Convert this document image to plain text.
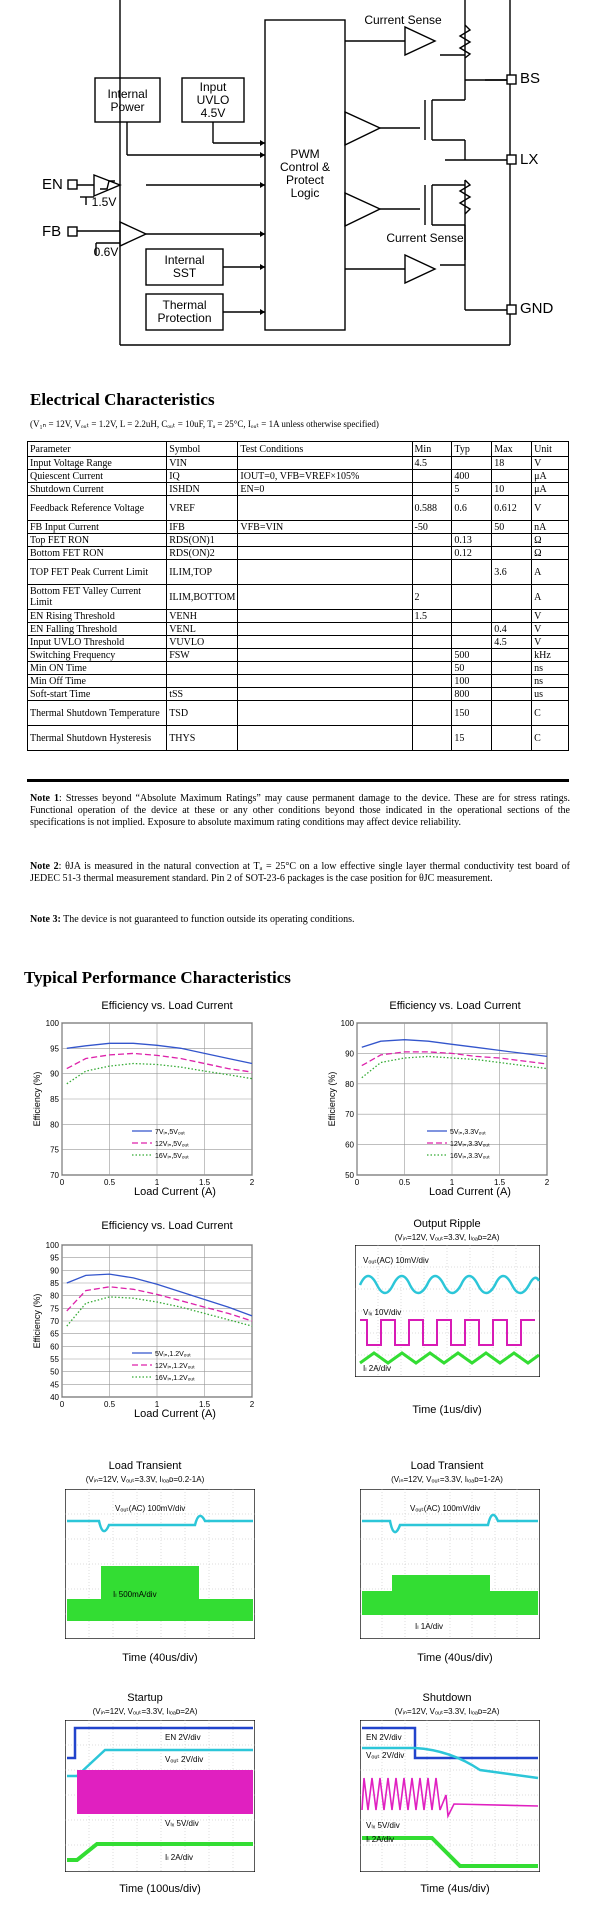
Internal
Power
Input
UVLO
4.5V
PWM
Control &
Protect
Logic
Internal
SST
Thermal
Protection
Current Sense
Current Sense
EN
FB
BS
LX
GND
1.5V
0.6V
Electrical Characteristics
(V₁ₙ = 12V, Vₒᵤₜ = 1.2V, L = 2.2uH, Cₒᵤₜ = 10uF, Tₐ = 25°C, Iₒᵤₜ = 1A unless otherwise specified)
Parameter	Symbol	Test Conditions	Min	Typ	Max	Unit
Input Voltage Range	VIN		4.5		18	V
Quiescent Current	IQ	IOUT=0, VFB=VREF×105%		400		μA
Shutdown Current	ISHDN	EN=0		5	10	μA
Feedback Reference Voltage	VREF		0.588	0.6	0.612	V
FB Input Current	IFB	VFB=VIN	-50		50	nA
Top FET RON	RDS(ON)1			0.13		Ω
Bottom FET RON	RDS(ON)2			0.12		Ω
TOP FET Peak Current Limit	ILIM,TOP				3.6	A
Bottom FET Valley Current Limit	ILIM,BOTTOM		2			A
EN Rising Threshold	VENH		1.5			V
EN Falling Threshold	VENL				0.4	V
Input UVLO Threshold	VUVLO				4.5	V
Switching Frequency	FSW			500		kHz
Min ON Time				50		ns
Min Off Time				100		ns
Soft-start Time	tSS			800		us
Thermal Shutdown Temperature	TSD			150		C
Thermal Shutdown Hysteresis	THYS			15		C
Note 1: Stresses beyond “Absolute Maximum Ratings” may cause permanent damage to the device. These are for stress ratings. Functional operation of the device at these or any other conditions beyond those indicated in the operational sections of the specifications is not implied. Exposure to absolute maximum rating conditions may affect device reliability.
Note 2: θJA is measured in the natural convection at Tₐ = 25°C on a low effective single layer thermal conductivity test board of JEDEC 51-3 thermal measurement standard. Pin 2 of SOT-23-6 packages is the case position for θJC measurement.
Note 3: The device is not guaranteed to function outside its operating conditions.
Typical Performance Characteristics
Efficiency vs. Load Current
0	0.5	1	1.5	2
70
75
80
85
90
95
100
Efficiency (%)
7Vᵢₙ,5Vₒᵤₜ
12Vᵢₙ,5Vₒᵤₜ
16Vᵢₙ,5Vₒᵤₜ
Load Current (A)
Efficiency vs. Load Current
0	0.5	1	1.5	2
50
60
70
80
90
100
Efficiency (%)
5Vᵢₙ,3.3Vₒᵤₜ
12Vᵢₙ,3.3Vₒᵤₜ
16Vᵢₙ,3.3Vₒᵤₜ
Load Current (A)
Efficiency vs. Load Current
0	0.5	1	1.5	2
40
45
50
55
60
65
70
75
80
85
90
95
100
Efficiency (%)
5Vᵢₙ,1.2Vₒᵤₜ
12Vᵢₙ,1.2Vₒᵤₜ
16Vᵢₙ,1.2Vₒᵤₜ
Load Current (A)
Output Ripple
(Vᵢₙ=12V, Vₒᵤₜ=3.3V, Iₗₒₐᴅ=2A)
Vₒᵤₜ(AC) 10mV/div
Vₗₓ 10V/div
Iₗ 2A/div
Time (1us/div)
Load Transient
(Vᵢₙ=12V, Vₒᵤₜ=3.3V, Iₗₒₐᴅ=0.2-1A)
Vₒᵤₜ(AC) 100mV/div
Iₗ 500mA/div
Time (40us/div)
Load Transient
(Vᵢₙ=12V, Vₒᵤₜ=3.3V, Iₗₒₐᴅ=1-2A)
Vₒᵤₜ(AC) 100mV/div
Iₗ 1A/div
Time (40us/div)
Startup
(Vᵢₙ=12V, Vₒᵤₜ=3.3V, Iₗₒₐᴅ=2A)
EN 2V/div
Vₒᵤₜ 2V/div
Vₗₓ 5V/div
Iₗ 2A/div
Time (100us/div)
Shutdown
(Vᵢₙ=12V, Vₒᵤₜ=3.3V, Iₗₒₐᴅ=2A)
EN 2V/div
Vₒᵤₜ 2V/div
Vₗₓ 5V/div
Iₗ 2A/div
Time (4us/div)
